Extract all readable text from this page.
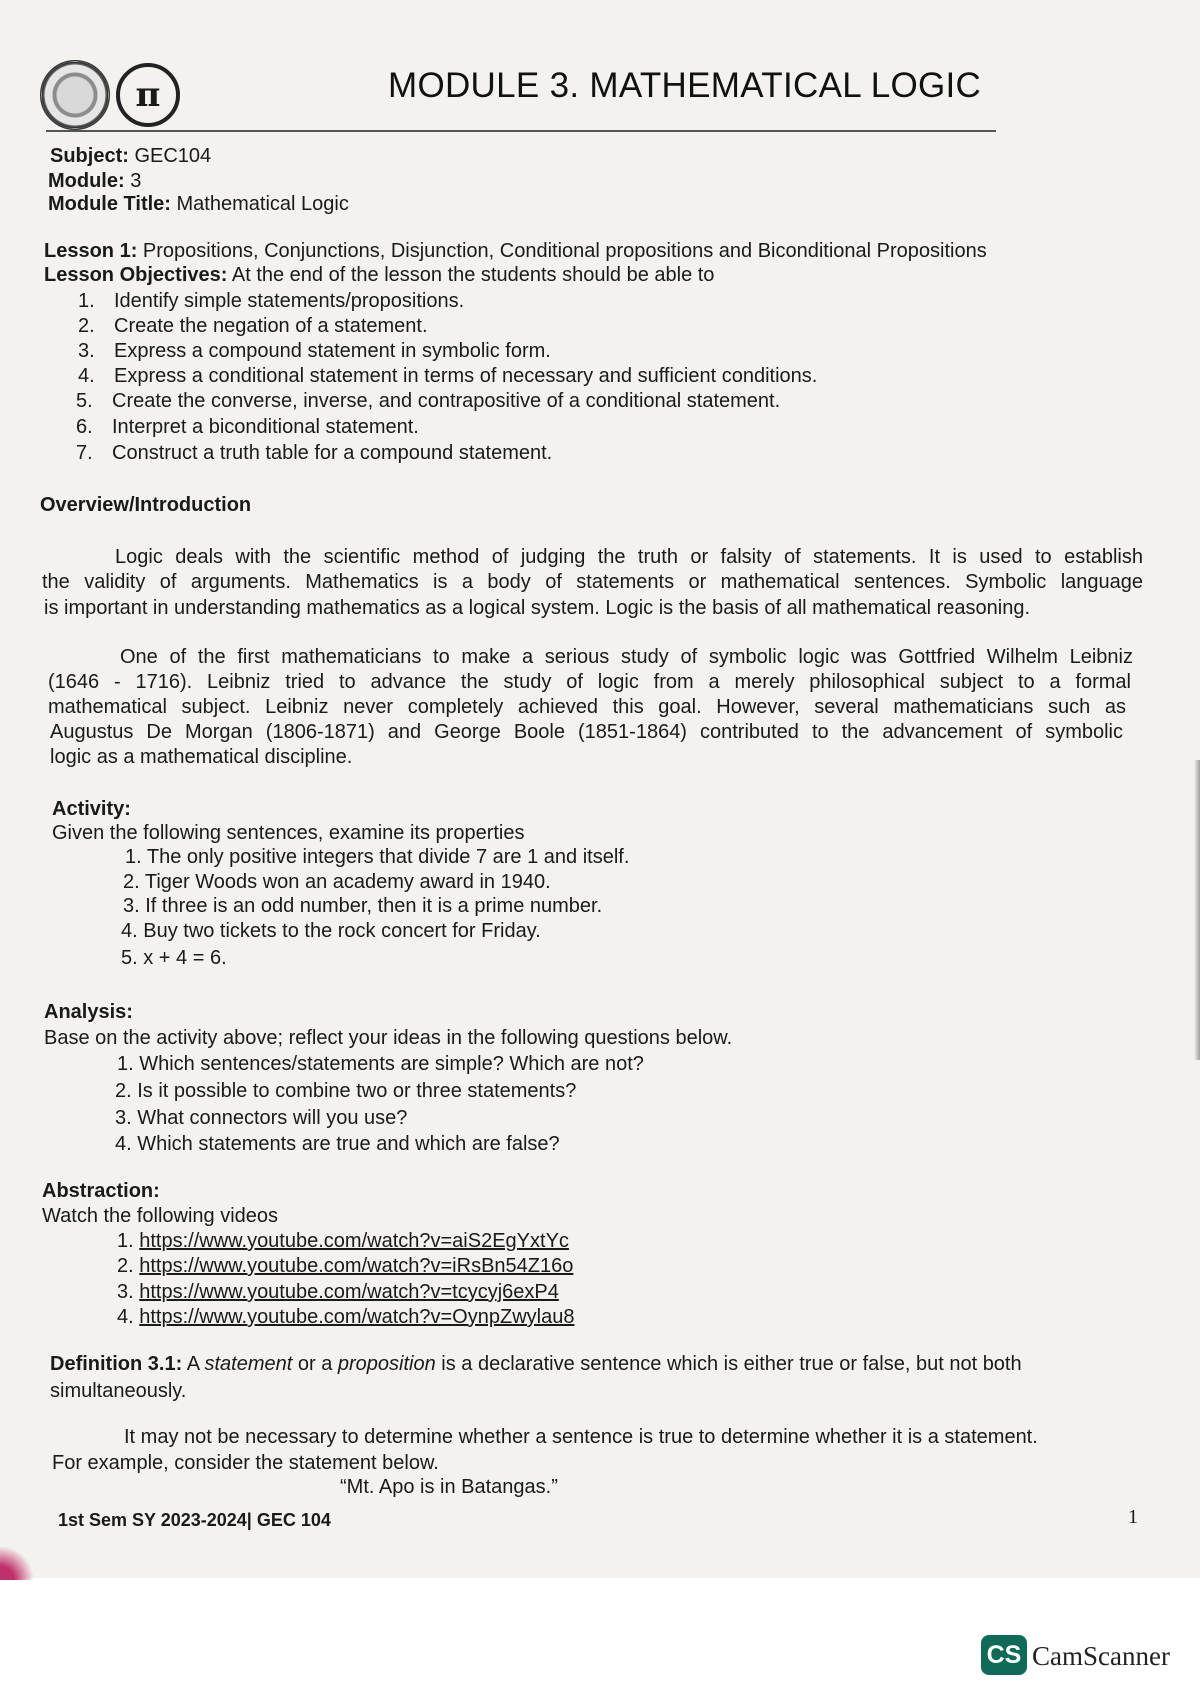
π	MODULE 3. MATHEMATICAL LOGIC
Subject: GEC104
Module: 3
Module Title: Mathematical Logic
Lesson 1: Propositions, Conjunctions, Disjunction, Conditional propositions and Biconditional Propositions
Lesson Objectives: At the end of the lesson the students should be able to
1. Identify simple statements/propositions.
2. Create the negation of a statement.
3. Express a compound statement in symbolic form.
4. Express a conditional statement in terms of necessary and sufficient conditions.
5. Create the converse, inverse, and contrapositive of a conditional statement.
6. Interpret a biconditional statement.
7. Construct a truth table for a compound statement.
Overview/Introduction
Logic deals with the scientific method of judging the truth or falsity of statements. It is used to establish
the validity of arguments. Mathematics is a body of statements or mathematical sentences. Symbolic language
is important in understanding mathematics as a logical system. Logic is the basis of all mathematical reasoning.
One of the first mathematicians to make a serious study of symbolic logic was Gottfried Wilhelm Leibniz
(1646 - 1716). Leibniz tried to advance the study of logic from a merely philosophical subject to a formal
mathematical subject. Leibniz never completely achieved this goal. However, several mathematicians such as
Augustus De Morgan (1806-1871) and George Boole (1851-1864) contributed to the advancement of symbolic
logic as a mathematical discipline.
Activity:
Given the following sentences, examine its properties
1. The only positive integers that divide 7 are 1 and itself.
2. Tiger Woods won an academy award in 1940.
3. If three is an odd number, then it is a prime number.
4. Buy two tickets to the rock concert for Friday.
5. x + 4 = 6.
Analysis:
Base on the activity above; reflect your ideas in the following questions below.
1. Which sentences/statements are simple? Which are not?
2. Is it possible to combine two or three statements?
3. What connectors will you use?
4. Which statements are true and which are false?
Abstraction:
Watch the following videos
1. https://www.youtube.com/watch?v=aiS2EgYxtYc
2. https://www.youtube.com/watch?v=iRsBn54Z16o
3. https://www.youtube.com/watch?v=tcycyj6exP4
4. https://www.youtube.com/watch?v=OynpZwylau8
Definition 3.1: A statement or a proposition is a declarative sentence which is either true or false, but not both
simultaneously.
It may not be necessary to determine whether a sentence is true to determine whether it is a statement.
For example, consider the statement below.
“Mt. Apo is in Batangas.”
1st Sem SY 2023-2024| GEC 104	1
CS CamScanner
